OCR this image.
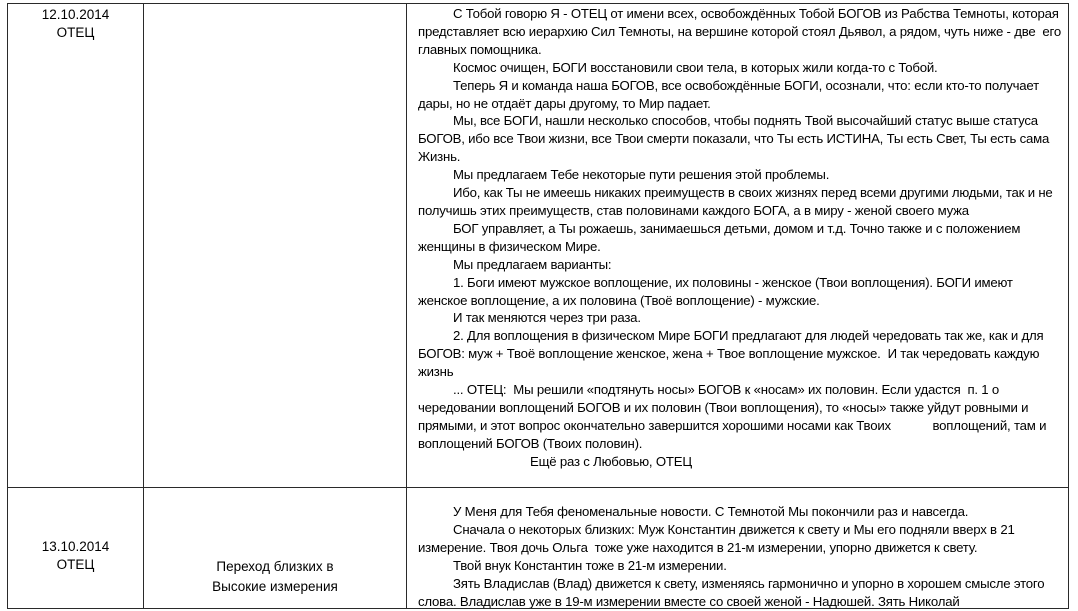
12.10.2014
ОТЕЦ

С Тобой говорю Я - ОТЕЦ от имени всех, освобождённых Тобой БОГОВ из Рабства Темноты, которая представляет всю иерархию Сил Темноты, на вершине которой стоял Дьявол, а рядом, чуть ниже - две  его главных помощника.

Космос очищен, БОГИ восстановили свои тела, в которых жили когда-то с Тобой.

Теперь Я и команда наша БОГОВ, все освобождённые БОГИ, осознали, что: если кто-то получает дары, но не отдаёт дары другому, то Мир падает.

Мы, все БОГИ, нашли несколько способов, чтобы поднять Твой высочайший статус выше статуса БОГОВ, ибо все Твои жизни, все Твои смерти показали, что Ты есть ИСТИНА, Ты есть Свет, Ты есть сама Жизнь.

Мы предлагаем Тебе некоторые пути решения этой проблемы.

Ибо, как Ты не имеешь никаких преимуществ в своих жизнях перед всеми другими людьми, так и не получишь этих преимуществ, став половинами каждого БОГА, а в миру - женой своего мужа

БОГ управляет, а Ты рожаешь, занимаешься детьми, домом и т.д. Точно также и с положением женщины в физическом Мире.

Мы предлагаем варианты:

1. Боги имеют мужское воплощение, их половины - женское (Твои воплощения). БОГИ имеют женское воплощение, а их половина (Твоё воплощение) - мужские.

И так меняются через три раза.

2. Для воплощения в физическом Мире БОГИ предлагают для людей чередовать так же, как и для БОГОВ: муж + Твоё воплощение женское, жена + Твое воплощение мужское.  И так чередовать каждую жизнь

... ОТЕЦ:  Мы решили «подтянуть носы» БОГОВ к «носам» их половин. Если удастся  п. 1 о чередовании воплощений БОГОВ и их половин (Твои воплощения), то «носы» также уйдут ровными и прямыми, и этот вопрос окончательно завершится хорошими носами как Твоих            воплощений, там и воплощений БОГОВ (Твоих половин).

Ещё раз с Любовью, ОТЕЦ

13.10.2014
ОТЕЦ	Переход близких в Высокие измерения

У Меня для Тебя феноменальные новости. С Темнотой Мы покончили раз и навсегда.

Сначала о некоторых близких: Муж Константин движется к свету и Мы его подняли вверх в 21 измерение. Твоя дочь Ольга  тоже уже находится в 21-м измерении, упорно движется к свету.

Твой внук Константин тоже в 21-м измерении.

Зять Владислав (Влад) движется к свету, изменяясь гармонично и упорно в хорошем смысле этого слова. Владислав уже в 19-м измерении вместе со своей женой - Надюшей. Зять Николай
